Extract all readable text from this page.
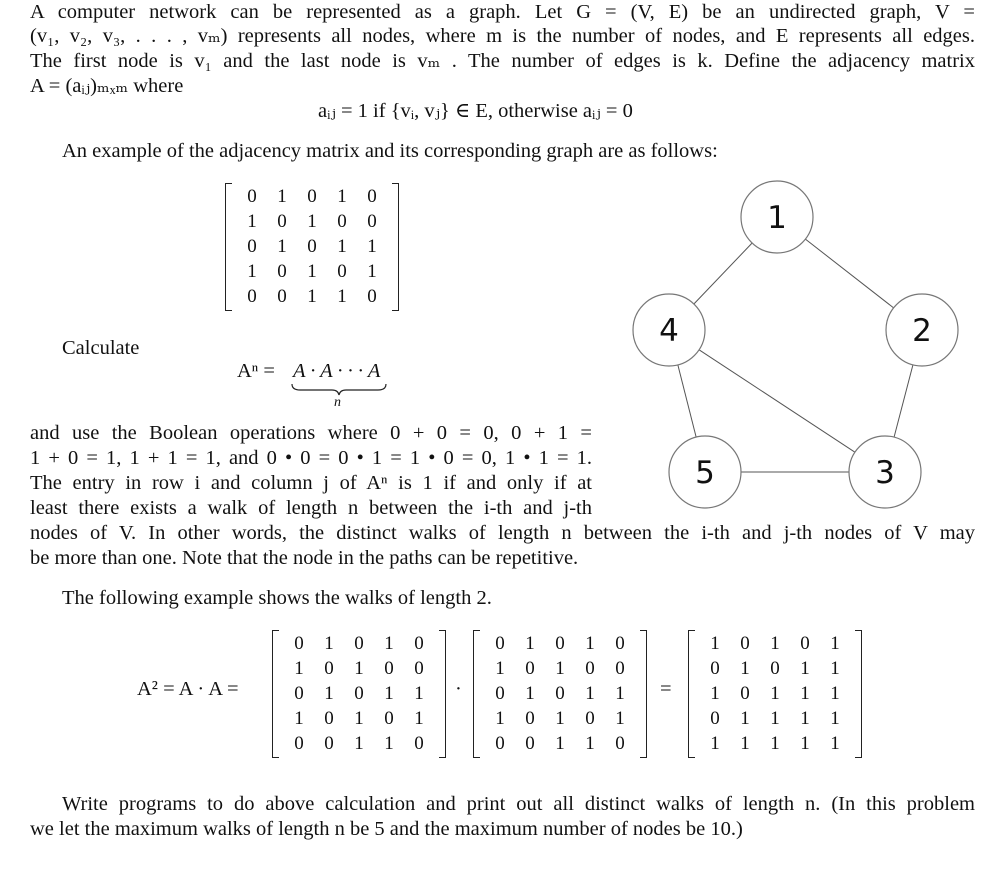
A computer network can be represented as a graph. Let G = (V, E) be an undirected graph, V =
(v₁, v₂, v₃, . . . , vₘ) represents all nodes, where m is the number of nodes, and E represents all edges.
The first node is v₁ and the last node is vₘ . The number of edges is k. Define the adjacency matrix
A = (aᵢⱼ)ₘₓₘ where
aᵢⱼ = 1 if {vᵢ, vⱼ} ∈ E, otherwise aᵢⱼ = 0
An example of the adjacency matrix and its corresponding graph are as follows:
0	1	0	1	0
1	0	1	0	0
0	1	0	1	1
1	0	1	0	1
0	0	1	1	0
Calculate
Aⁿ = A · A · · · A
n
and use the Boolean operations where 0 + 0 = 0, 0 + 1 =
1 + 0 = 1, 1 + 1 = 1, and 0 • 0 = 0 • 1 = 1 • 0 = 0, 1 • 1 = 1.
The entry in row i and column j of Aⁿ is 1 if and only if at
least there exists a walk of length n between the i-th and j-th
nodes of V. In other words, the distinct walks of length n between the i-th and j-th nodes of V may
be more than one. Note that the node in the paths can be repetitive.
1
2
3
4
5
The following example shows the walks of length 2.
A² = A · A =
0	1	0	1	0
1	0	1	0	0
0	1	0	1	1
1	0	1	0	1
0	0	1	1	0
·
0	1	0	1	0
1	0	1	0	0
0	1	0	1	1
1	0	1	0	1
0	0	1	1	0
=
1	0	1	0	1
0	1	0	1	1
1	0	1	1	1
0	1	1	1	1
1	1	1	1	1
Write programs to do above calculation and print out all distinct walks of length n. (In this problem
we let the maximum walks of length n be 5 and the maximum number of nodes be 10.)
